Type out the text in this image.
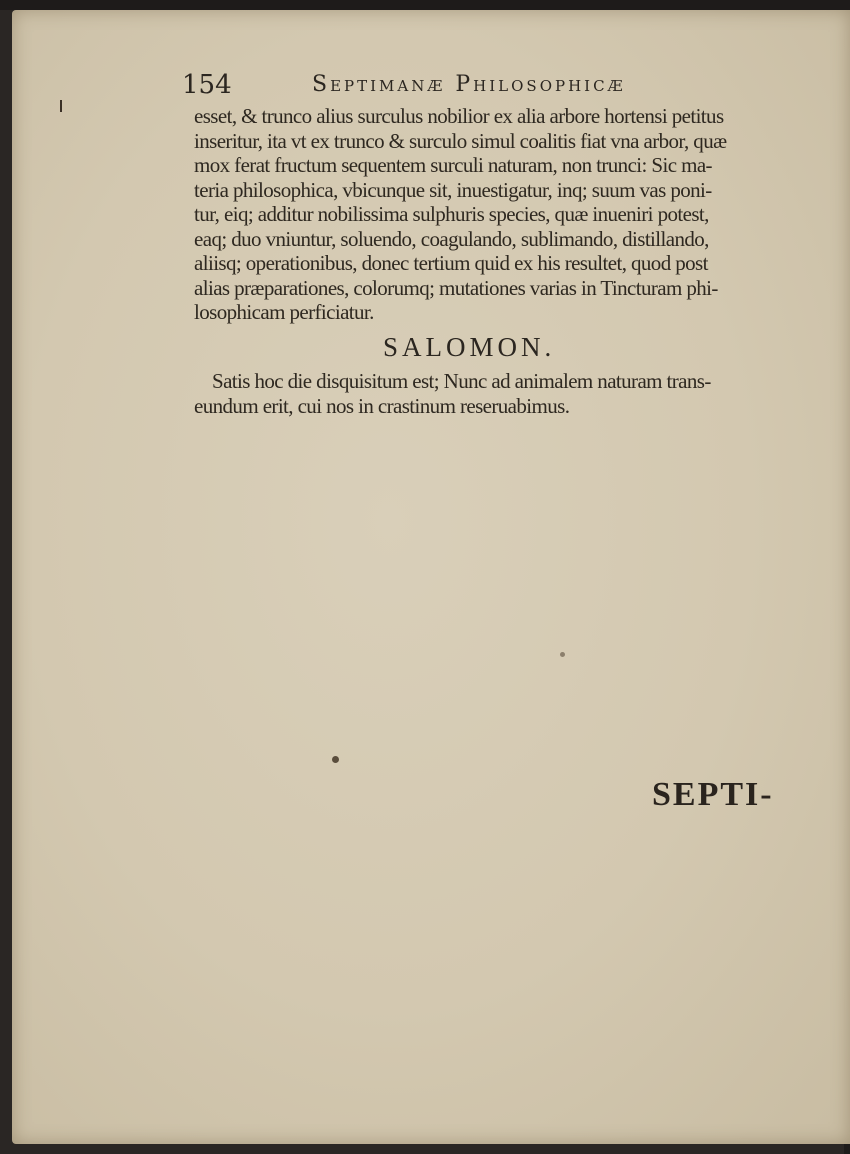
154	Septimanæ Philosophicæ
esset, & trunco alius surculus nobilior ex alia arbore hortensi petitus
inseritur, ita vt ex trunco & surculo simul coalitis fiat vna arbor, quæ
mox ferat fructum sequentem surculi naturam, non trunci: Sic ma-
teria philosophica, vbicunque sit, inuestigatur, inq; suum vas poni-
tur, eiq; additur nobilissima sulphuris species, quæ inueniri potest,
eaq; duo vniuntur, soluendo, coagulando, sublimando, distillando,
aliisq; operationibus, donec tertium quid ex his resultet, quod post
alias præparationes, colorumq; mutationes varias in Tincturam phi-
losophicam perficiatur.
SALOMON.
Satis hoc die disquisitum est; Nunc ad animalem naturam trans-
eundum erit, cui nos in crastinum reseruabimus.
SEPTI-
